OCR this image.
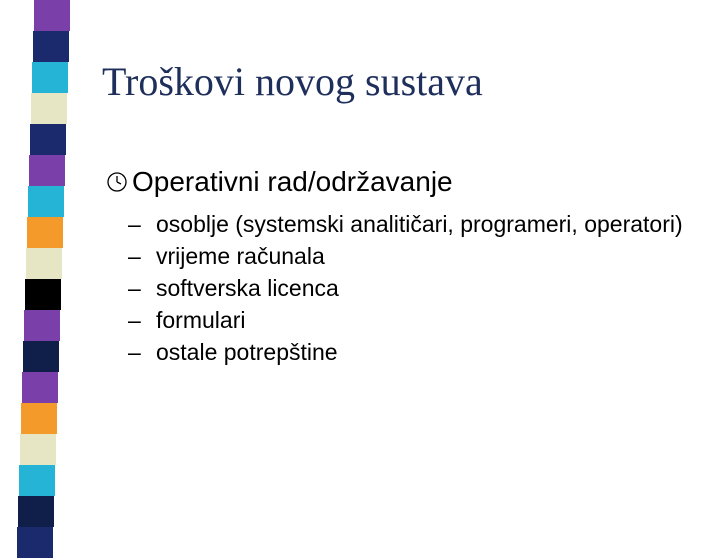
Troškovi novog sustava
Operativni rad/održavanje
– osoblje (systemski analitičari, programeri, operatori)
– vrijeme računala
– softverska licenca
– formulari
– ostale potrepštine
